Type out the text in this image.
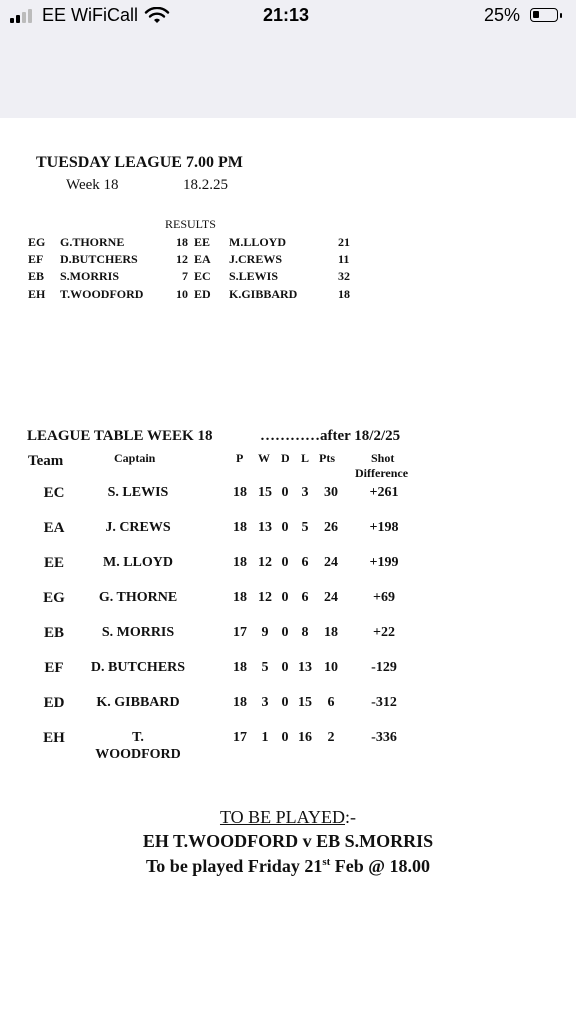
EE WiFiCall	21:13	25%
TUESDAY LEAGUE 7.00 PM
Week 18	18.2.25
RESULTS
EG G.THORNE	18 EE M.LLOYD	21
EF D.BUTCHERS	12 EA J.CREWS	11
EB S.MORRIS	7 EC S.LEWIS	32
EH T.WOODFORD	10 ED K.GIBBARD	18
LEAGUE TABLE WEEK 18	…………after 18/2/25
Team	Captain	P W D L Pts	Shot
Difference
EC	S. LEWIS	18 15 0 3	30	+261
EA	J. CREWS	18 13 0 5	26	+198
EE	M. LLOYD	18 12 0 6	24	+199
EG	G. THORNE	18 12 0 6	24	+69
EB	S. MORRIS	17	9 0 8	18	+22
EF	D. BUTCHERS	18	5 0 13 10	-129
ED	K. GIBBARD	18	3 0 15	6	-312
EH	T.	17	1 0 16	2	-336
WOODFORD
TO BE PLAYED:-
EH T.WOODFORD v EB S.MORRIS
To be played Friday 21st Feb @ 18.00
